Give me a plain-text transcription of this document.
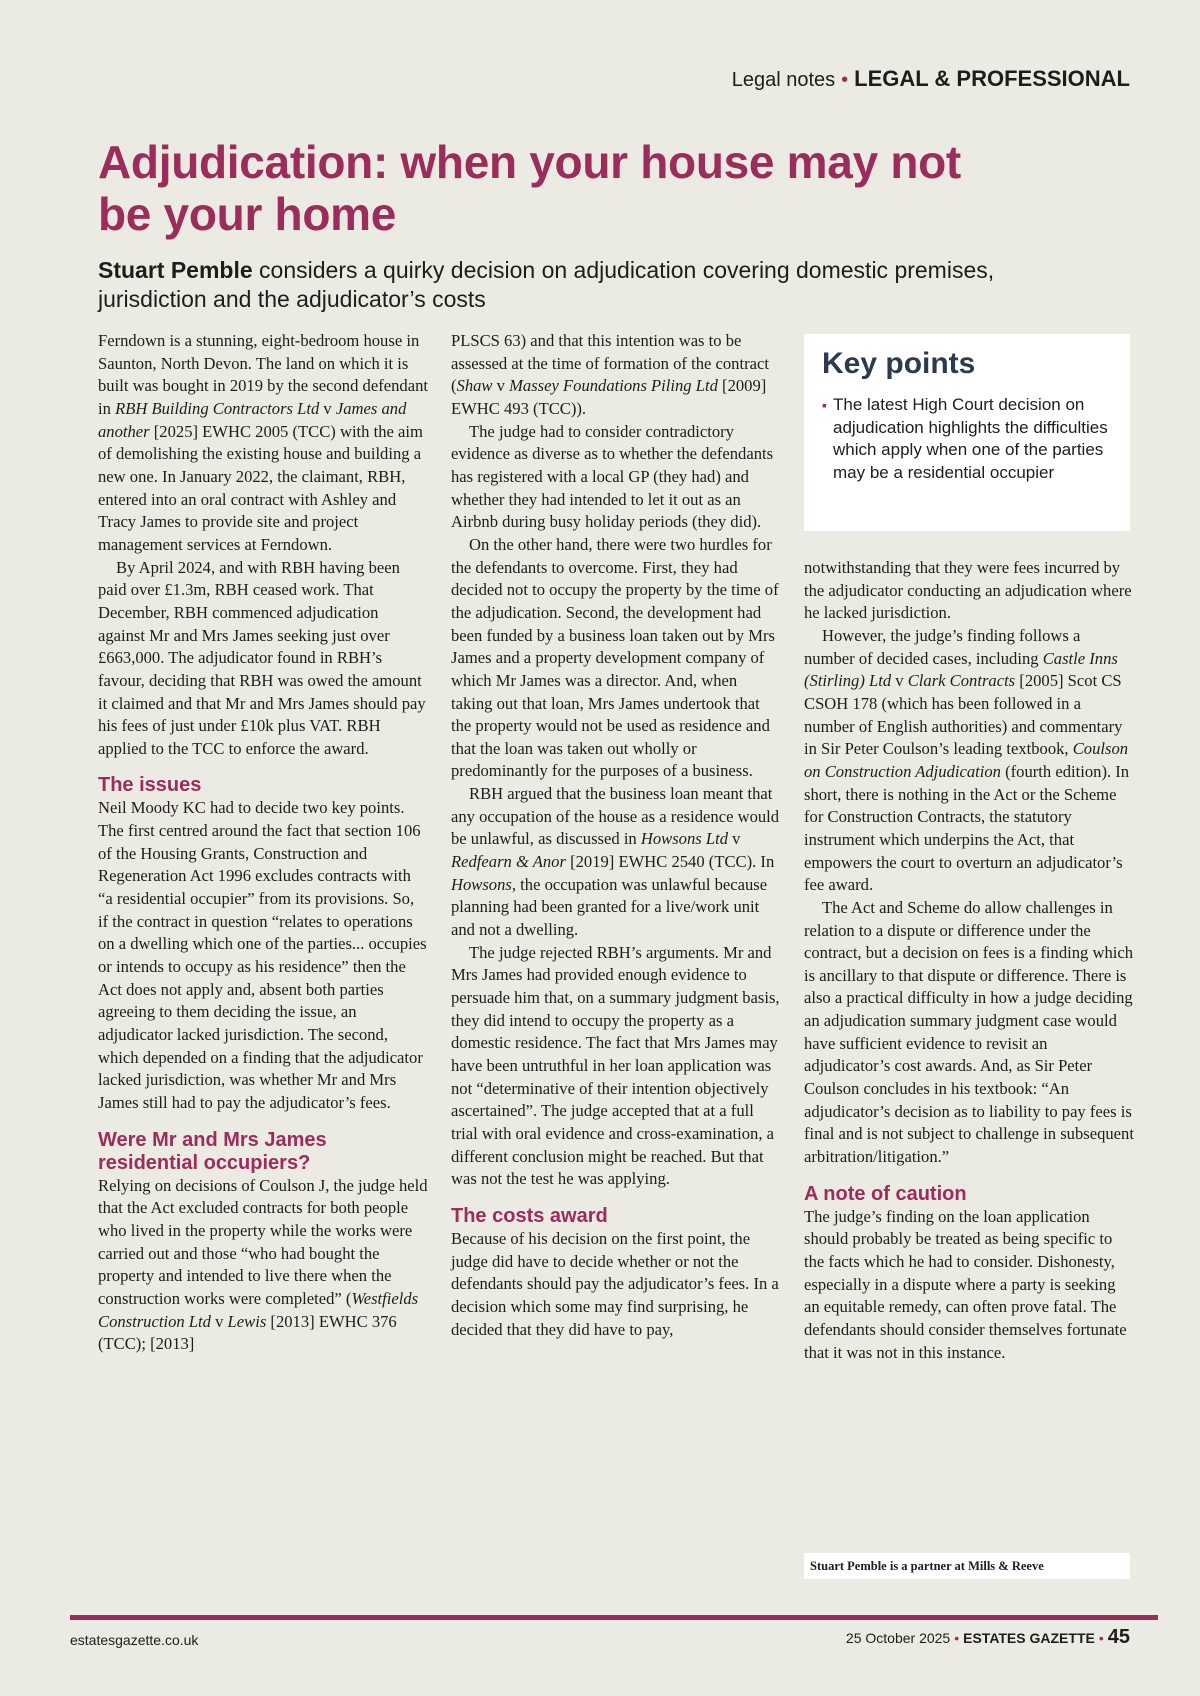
Legal notes • LEGAL & PROFESSIONAL
Adjudication: when your house may not be your home

Stuart Pemble considers a quirky decision on adjudication covering domestic premises, jurisdiction and the adjudicator’s costs

Ferndown is a stunning, eight-bedroom house in Saunton, North Devon. The land on which it is built was bought in 2019 by the second defendant in RBH Building Contractors Ltd v James and another [2025] EWHC 2005 (TCC) with the aim of demolishing the existing house and building a new one. In January 2022, the claimant, RBH, entered into an oral contract with Ashley and Tracy James to provide site and project management services at Ferndown.

By April 2024, and with RBH having been paid over £1.3m, RBH ceased work. That December, RBH commenced adjudication against Mr and Mrs James seeking just over £663,000. The adjudicator found in RBH’s favour, deciding that RBH was owed the amount it claimed and that Mr and Mrs James should pay his fees of just under £10k plus VAT. RBH applied to the TCC to enforce the award.

The issues

Neil Moody KC had to decide two key points. The first centred around the fact that section 106 of the Housing Grants, Construction and Regeneration Act 1996 excludes contracts with “a residential occupier” from its provisions. So, if the contract in question “relates to operations on a dwelling which one of the parties... occupies or intends to occupy as his residence” then the Act does not apply and, absent both parties agreeing to them deciding the issue, an adjudicator lacked jurisdiction. The second, which depended on a finding that the adjudicator lacked jurisdiction, was whether Mr and Mrs James still had to pay the adjudicator’s fees.

Were Mr and Mrs James residential occupiers?

Relying on decisions of Coulson J, the judge held that the Act excluded contracts for both people who lived in the property while the works were carried out and those “who had bought the property and intended to live there when the construction works were completed” (Westfields Construction Ltd v Lewis [2013] EWHC 376 (TCC); [2013]

PLSCS 63) and that this intention was to be assessed at the time of formation of the contract (Shaw v Massey Foundations Piling Ltd [2009] EWHC 493 (TCC)).

The judge had to consider contradictory evidence as diverse as to whether the defendants has registered with a local GP (they had) and whether they had intended to let it out as an Airbnb during busy holiday periods (they did).

On the other hand, there were two hurdles for the defendants to overcome. First, they had decided not to occupy the property by the time of the adjudication. Second, the development had been funded by a business loan taken out by Mrs James and a property development company of which Mr James was a director. And, when taking out that loan, Mrs James undertook that the property would not be used as residence and that the loan was taken out wholly or predominantly for the purposes of a business.

RBH argued that the business loan meant that any occupation of the house as a residence would be unlawful, as discussed in Howsons Ltd v Redfearn & Anor [2019] EWHC 2540 (TCC). In Howsons, the occupation was unlawful because planning had been granted for a live/work unit and not a dwelling.

The judge rejected RBH’s arguments. Mr and Mrs James had provided enough evidence to persuade him that, on a summary judgment basis, they did intend to occupy the property as a domestic residence. The fact that Mrs James may have been untruthful in her loan application was not “determinative of their intention objectively ascertained”. The judge accepted that at a full trial with oral evidence and cross-examination, a different conclusion might be reached. But that was not the test he was applying.

The costs award

Because of his decision on the first point, the judge did have to decide whether or not the defendants should pay the adjudicator’s fees. In a decision which some may find surprising, he decided that they did have to pay,

Key points
▪ The latest High Court decision on adjudication highlights the difficulties which apply when one of the parties may be a residential occupier

notwithstanding that they were fees incurred by the adjudicator conducting an adjudication where he lacked jurisdiction.

However, the judge’s finding follows a number of decided cases, including Castle Inns (Stirling) Ltd v Clark Contracts [2005] Scot CS CSOH 178 (which has been followed in a number of English authorities) and commentary in Sir Peter Coulson’s leading textbook, Coulson on Construction Adjudication (fourth edition). In short, there is nothing in the Act or the Scheme for Construction Contracts, the statutory instrument which underpins the Act, that empowers the court to overturn an adjudicator’s fee award.

The Act and Scheme do allow challenges in relation to a dispute or difference under the contract, but a decision on fees is a finding which is ancillary to that dispute or difference. There is also a practical difficulty in how a judge deciding an adjudication summary judgment case would have sufficient evidence to revisit an adjudicator’s cost awards. And, as Sir Peter Coulson concludes in his textbook: “An adjudicator’s decision as to liability to pay fees is final and is not subject to challenge in subsequent arbitration/litigation.”

A note of caution

The judge’s finding on the loan application should probably be treated as being specific to the facts which he had to consider. Dishonesty, especially in a dispute where a party is seeking an equitable remedy, can often prove fatal. The defendants should consider themselves fortunate that it was not in this instance.

Stuart Pemble is a partner at Mills & Reeve
estatesgazette.co.uk	25 October 2025 • ESTATES GAZETTE • 45
